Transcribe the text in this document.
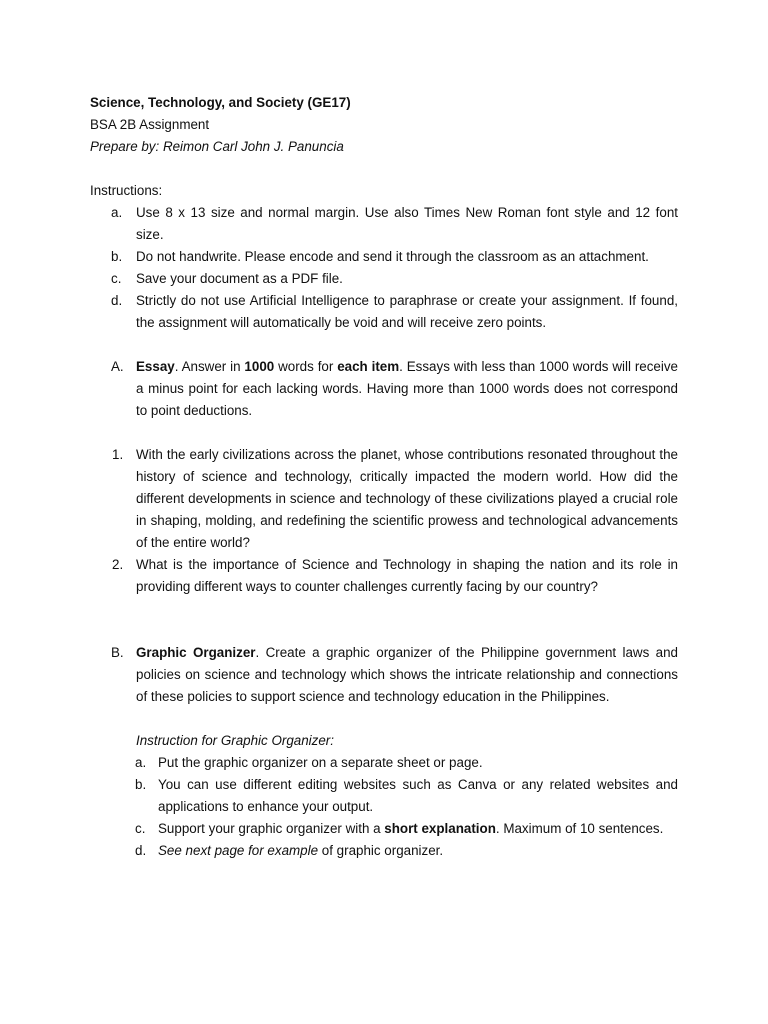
Science, Technology, and Society (GE17)

BSA 2B Assignment

Prepare by: Reimon Carl John J. Panuncia

Instructions:

a. Use 8 x 13 size and normal margin. Use also Times New Roman font style and 12 font size.
b. Do not handwrite. Please encode and send it through the classroom as an attachment.
c. Save your document as a PDF file.
d. Strictly do not use Artificial Intelligence to paraphrase or create your assignment. If found, the assignment will automatically be void and will receive zero points.
A. Essay. Answer in 1000 words for each item. Essays with less than 1000 words will receive a minus point for each lacking words. Having more than 1000 words does not correspond to point deductions.
1. With the early civilizations across the planet, whose contributions resonated throughout the history of science and technology, critically impacted the modern world. How did the different developments in science and technology of these civilizations played a crucial role in shaping, molding, and redefining the scientific prowess and technological advancements of the entire world?
2. What is the importance of Science and Technology in shaping the nation and its role in providing different ways to counter challenges currently facing by our country?
B. Graphic Organizer. Create a graphic organizer of the Philippine government laws and policies on science and technology which shows the intricate relationship and connections of these policies to support science and technology education in the Philippines.

Instruction for Graphic Organizer:

a. Put the graphic organizer on a separate sheet or page.
b. You can use different editing websites such as Canva or any related websites and applications to enhance your output.
c. Support your graphic organizer with a short explanation. Maximum of 10 sentences.
d. See next page for example of graphic organizer.
